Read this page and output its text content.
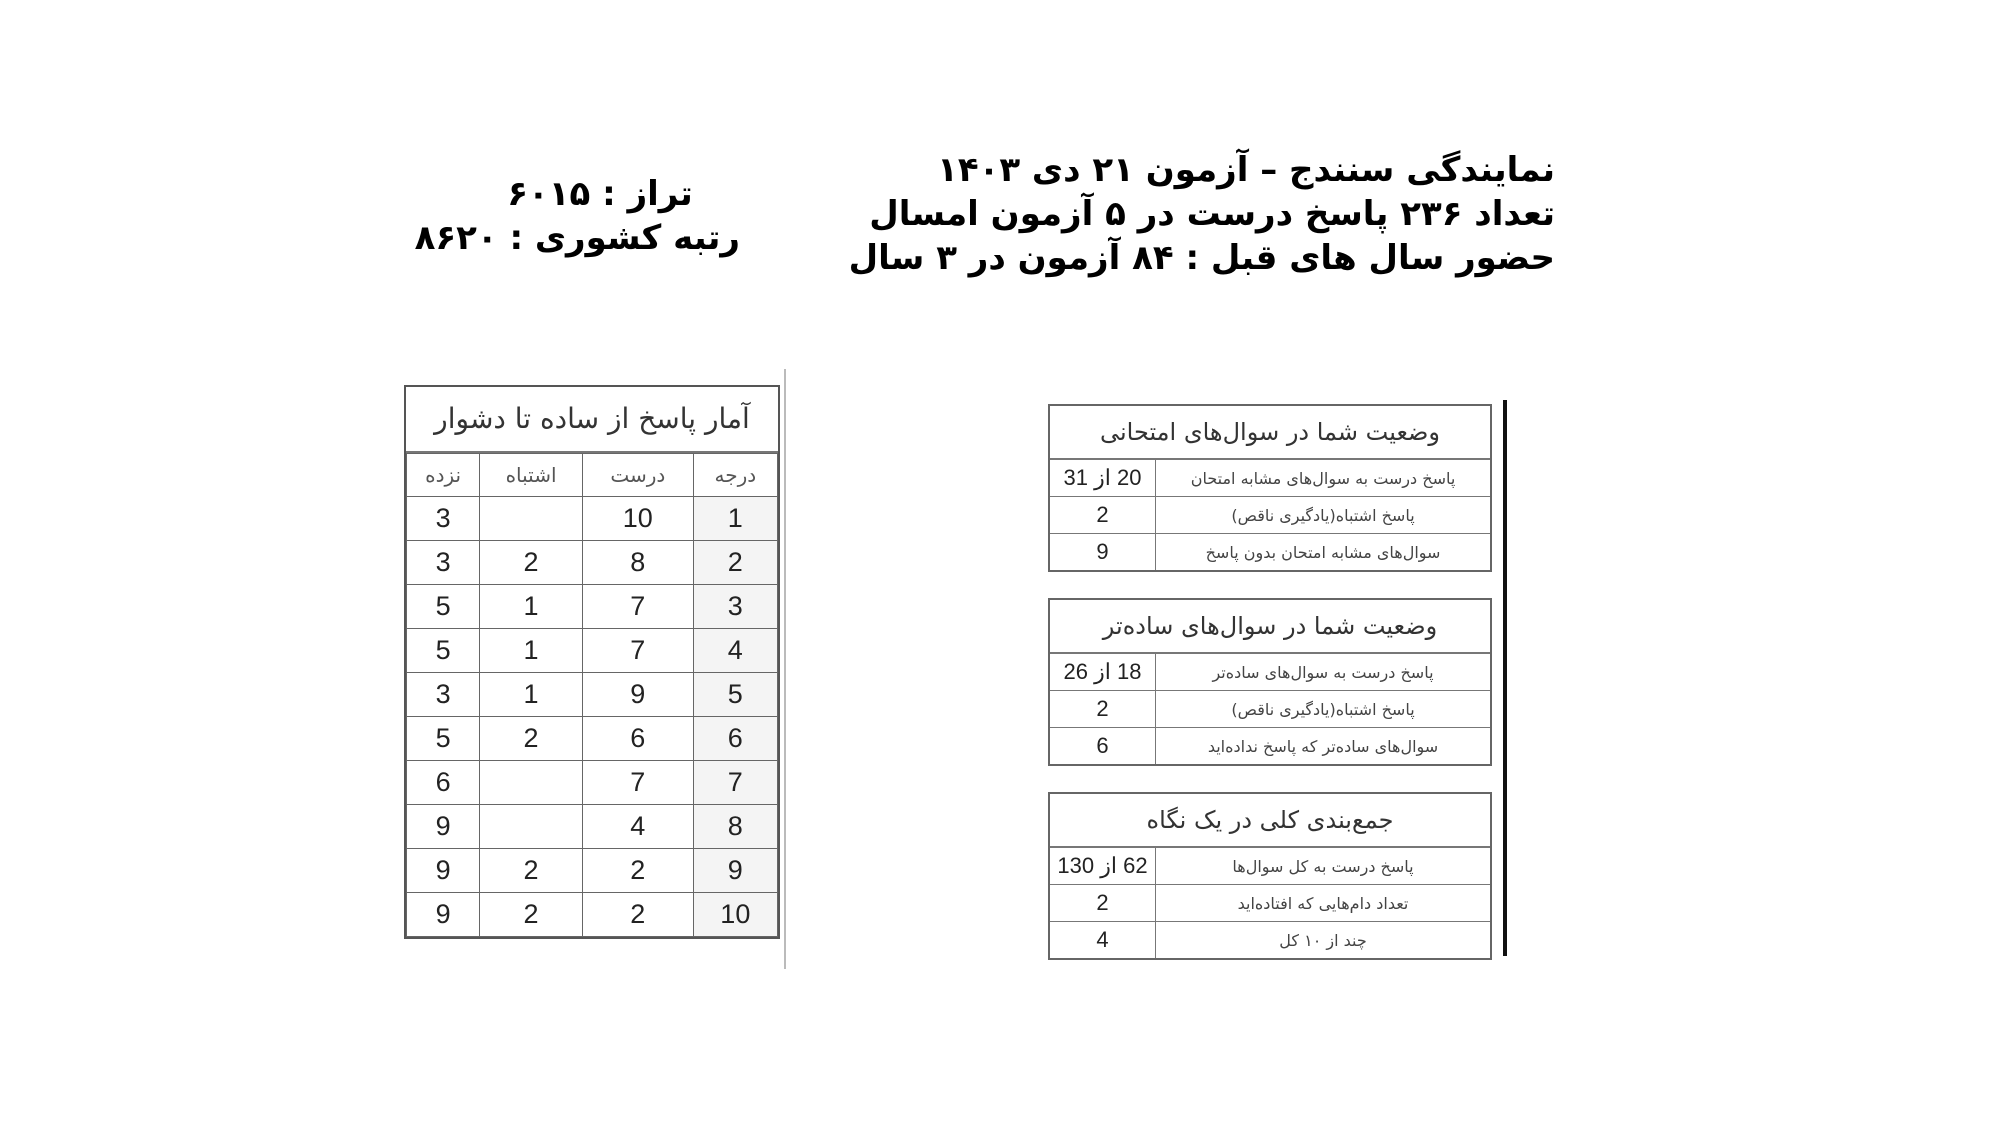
نمایندگی سنندج – آزمون ۲۱ دی ۱۴۰۳
تعداد ۲۳۶ پاسخ درست در ۵ آزمون امسال
حضور سال های قبل : ۸۴ آزمون در ۳ سال
تراز : ۶۰۱۵
رتبه کشوری : ۸۶۲۰
آمار پاسخ از ساده تا دشوار
درجه	درست	اشتباه	نزده
1	10		3
2	8	2	3
3	7	1	5
4	7	1	5
5	9	1	3
6	6	2	5
7	7		6
8	4		9
9	2	2	9
10	2	2	9
وضعیت شما در سوال‌های امتحانی
پاسخ درست به سوال‌های مشابه امتحان
20 از 31
پاسخ اشتباه(یادگیری ناقص)
2
سوال‌های مشابه امتحان بدون پاسخ
9
وضعیت شما در سوال‌های ساده‌تر
پاسخ درست به سوال‌های ساده‌تر
18 از 26
پاسخ اشتباه(یادگیری ناقص)
2
سوال‌های ساده‌تر که پاسخ نداده‌اید
6
جمع‌بندی کلی در یک نگاه
پاسخ درست به کل سوال‌ها
62 از 130
تعداد دام‌هایی که افتاده‌اید
2
چند از ۱۰ کل
4
